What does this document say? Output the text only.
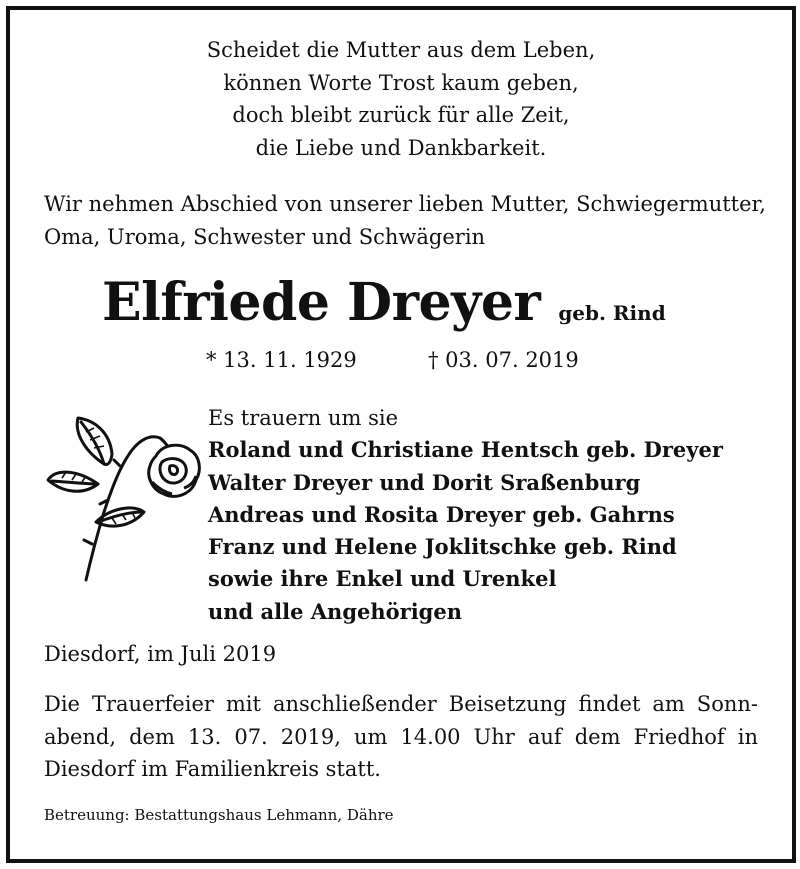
Scheidet die Mutter aus dem Leben,
können Worte Trost kaum geben,
doch bleibt zurück für alle Zeit,
die Liebe und Dankbarkeit.
Wir nehmen Abschied von unserer lieben Mutter, Schwiegermutter,
Oma, Uroma, Schwester und Schwägerin
Elfriede Dreyer geb. Rind
* 13. 11. 1929	† 03. 07. 2019
Es trauern um sie
Roland und Christiane Hentsch geb. Dreyer
Walter Dreyer und Dorit Sraßenburg
Andreas und Rosita Dreyer geb. Gahrns
Franz und Helene Joklitschke geb. Rind
sowie ihre Enkel und Urenkel
und alle Angehörigen
Diesdorf, im Juli 2019
Die Trauerfeier mit anschließender Beisetzung findet am Sonn-
abend, dem 13. 07. 2019, um 14.00 Uhr auf dem Friedhof in
Diesdorf im Familienkreis statt.
Betreuung: Bestattungshaus Lehmann, Dähre
